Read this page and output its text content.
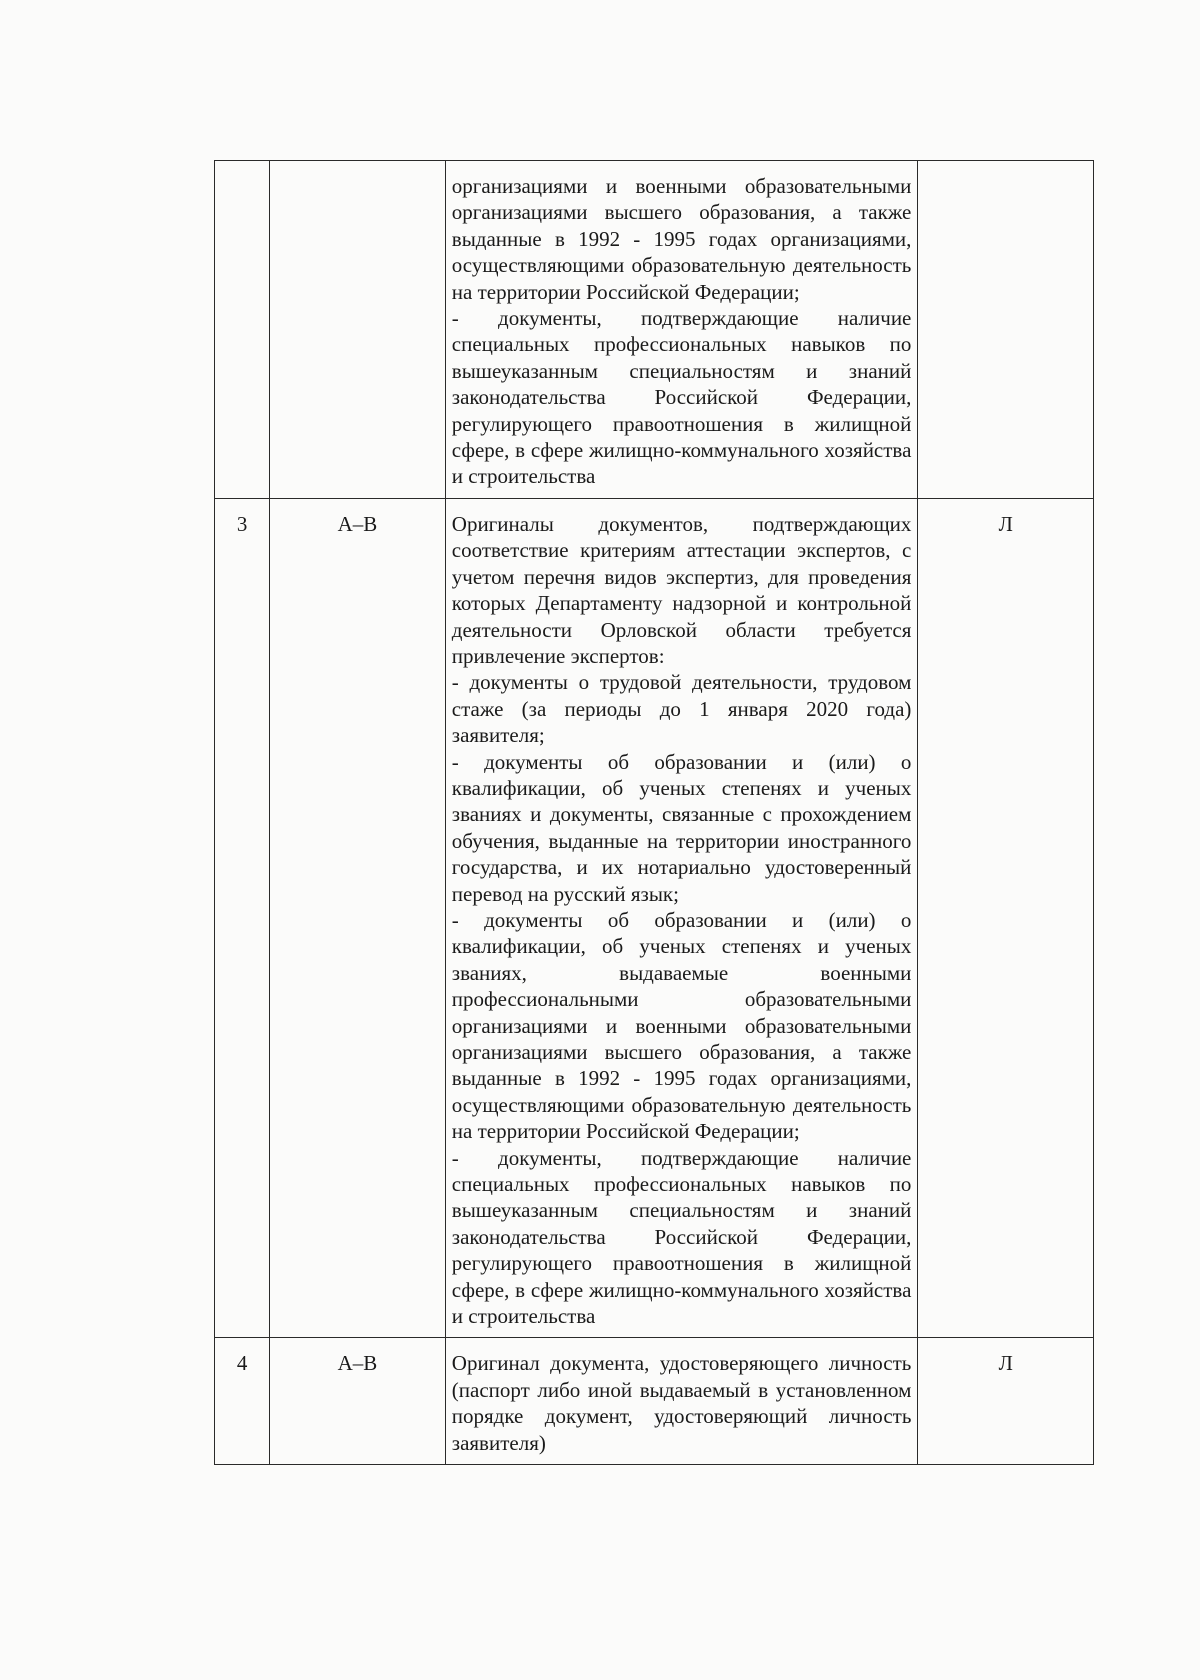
		организациями и военными образовательными организациями высшего образования, а также выданные в 1992 - 1995 годах организациями, осуществляющими образовательную деятельность на территории Российской Федерации;
- документы, подтверждающие наличие специальных профессиональных навыков по вышеуказанным специальностям и знаний законодательства Российской Федерации, регулирующего правоотношения в жилищной сфере, в сфере жилищно-коммунального хозяйства и строительства	

3	А–В	Оригиналы документов, подтверждающих соответствие критериям аттестации экспертов, с учетом перечня видов экспертиз, для проведения которых Департаменту надзорной и контрольной деятельности Орловской области требуется привлечение экспертов:
- документы о трудовой деятельности, трудовом стаже (за периоды до 1 января 2020 года) заявителя;
- документы об образовании и (или) о квалификации, об ученых степенях и ученых званиях и документы, связанные с прохождением обучения, выданные на территории иностранного государства, и их нотариально удостоверенный перевод на русский язык;
- документы об образовании и (или) о квалификации, об ученых степенях и ученых званиях, выдаваемые военными профессиональными образовательными организациями и военными образовательными организациями высшего образования, а также выданные в 1992 - 1995 годах организациями, осуществляющими образовательную деятельность на территории Российской Федерации;
- документы, подтверждающие наличие специальных профессиональных навыков по вышеуказанным специальностям и знаний законодательства Российской Федерации, регулирующего правоотношения в жилищной сфере, в сфере жилищно-коммунального хозяйства и строительства	Л
4	А–В	Оригинал документа, удостоверяющего личность (паспорт либо иной выдаваемый в установленном порядке документ, удостоверяющий личность заявителя)	Л
